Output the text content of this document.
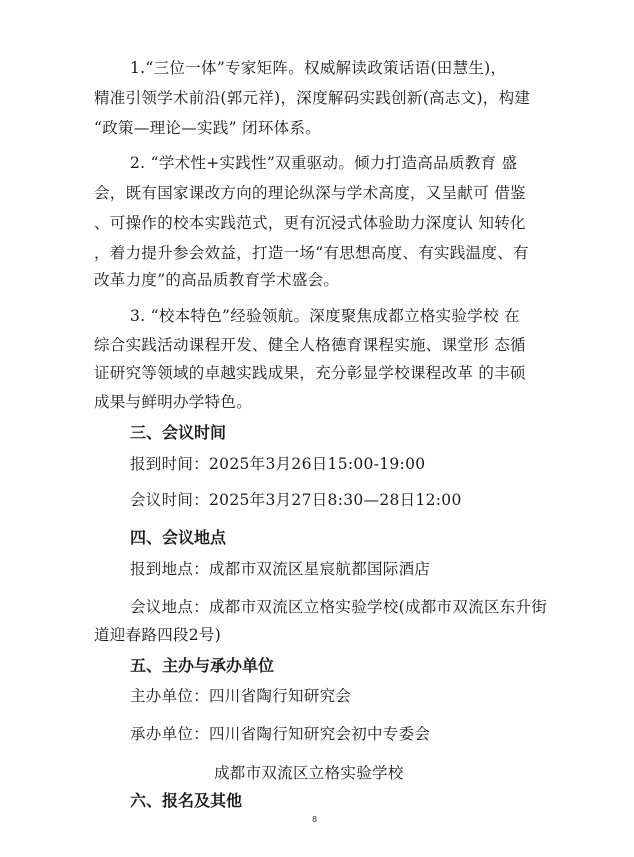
1.“三位一体”专家矩阵。权威解读政策话语(田慧生)，
精准引领学术前沿(郭元祥)，深度解码实践创新(高志文)，构建
“政策—理论—实践” 闭环体系。
2. “学术性+实践性”双重驱动。倾力打造高品质教育 盛
会，既有国家课改方向的理论纵深与学术高度，又呈献可 借鉴
、可操作的校本实践范式，更有沉浸式体验助力深度认 知转化
，着力提升参会效益，打造一场“有思想高度、有实践温度、有
改革力度”的高品质教育学术盛会。
3. “校本特色”经验领航。深度聚焦成都立格实验学校 在
综合实践活动课程开发、健全人格德育课程实施、课堂形 态循
证研究等领域的卓越实践成果，充分彰显学校课程改革 的丰硕
成果与鲜明办学特色。
三、会议时间
报到时间：2025年3月26日15:00-19:00
会议时间：2025年3月27日8:30—28日12:00
四、会议地点
报到地点：成都市双流区星宸航都国际酒店
会议地点：成都市双流区立格实验学校(成都市双流区东升街
道迎春路四段2号)
五、主办与承办单位
主办单位：四川省陶行知研究会
承办单位：四川省陶行知研究会初中专委会
成都市双流区立格实验学校
六、报名及其他
8
